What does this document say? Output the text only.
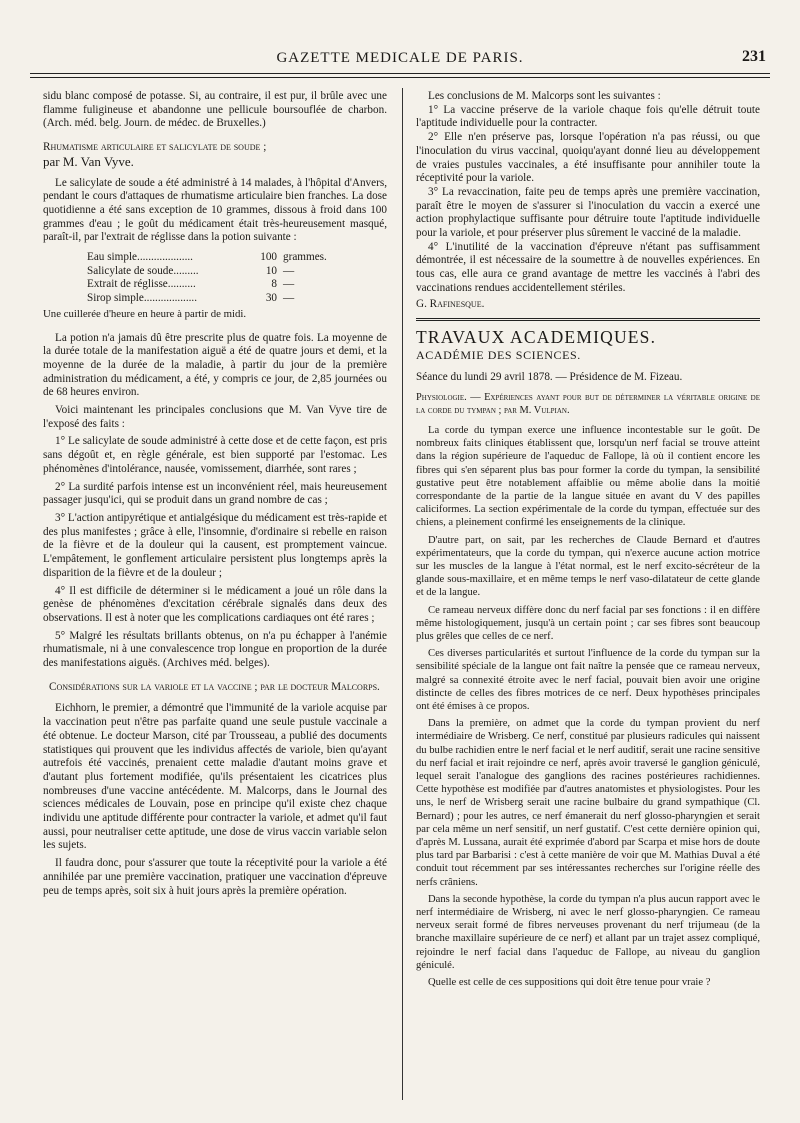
GAZETTE MEDICALE DE PARIS.	231

sidu blanc composé de potasse. Si, au contraire, il est pur, il brûle avec une flamme fuligineuse et abandonne une pellicule boursouflée de charbon. (Arch. méd. belg. Journ. de médec. de Bruxelles.)

Rhumatisme articulaire et salicylate de soude ;

par M. Van Vyve.

Le salicylate de soude a été administré à 14 malades, à l'hôpital d'Anvers, pendant le cours d'attaques de rhumatisme articulaire bien franches. La dose quotidienne a été sans exception de 10 grammes, dissous à froid dans 100 grammes d'eau ; le goût du médicament était très-heureusement masqué, paraît-il, par l'extrait de réglisse dans la potion suivante :

Eau simple....................	100 grammes.
Salicylate de soude.........	10 —
Extrait de réglisse..........	8 —
Sirop simple...................	30 —

Une cuillerée d'heure en heure à partir de midi.

La potion n'a jamais dû être prescrite plus de quatre fois. La moyenne de la durée totale de la manifestation aiguë a été de quatre jours et demi, et la moyenne de la durée de la maladie, à partir du jour de la première administration du médicament, a été, y compris ce jour, de 2,85 journées ou de 68 heures environ.

Voici maintenant les principales conclusions que M. Van Vyve tire de l'exposé des faits :

1° Le salicylate de soude administré à cette dose et de cette façon, est pris sans dégoût et, en règle générale, est bien supporté par l'estomac. Les phénomènes d'intolérance, nausée, vomissement, diarrhée, sont rares ;

2° La surdité parfois intense est un inconvénient réel, mais heureusement passager jusqu'ici, qui se produit dans un grand nombre de cas ;

3° L'action antipyrétique et antialgésique du médicament est très-rapide et des plus manifestes ; grâce à elle, l'insomnie, d'ordinaire si rebelle en raison de la fièvre et de la douleur qui la causent, est promptement vaincue. L'empâtement, le gonflement articulaire persistent plus longtemps après la disparition de la fièvre et de la douleur ;

4° Il est difficile de déterminer si le médicament a joué un rôle dans la genèse de phénomènes d'excitation cérébrale signalés dans deux des observations. Il est à noter que les complications cardiaques ont été rares ;

5° Malgré les résultats brillants obtenus, on n'a pu échapper à l'anémie rhumatismale, ni à une convalescence trop longue en proportion de la durée des manifestations aiguës. (Archives méd. belges).

Considérations sur la variole et la vaccine ; par le docteur Malcorps.

Eichhorn, le premier, a démontré que l'immunité de la variole acquise par la vaccination peut n'être pas parfaite quand une seule pustule vaccinale a été obtenue. Le docteur Marson, cité par Trousseau, a publié des documents statistiques qui prouvent que les individus affectés de variole, bien qu'ayant autrefois été vaccinés, prenaient cette maladie d'autant moins grave et d'autant plus fortement modifiée, qu'ils présentaient les cicatrices plus nombreuses d'une vaccine antécédente. M. Malcorps, dans le Journal des sciences médicales de Louvain, pose en principe qu'il existe chez chaque individu une aptitude différente pour contracter la variole, et admet qu'il faut aussi, pour neutraliser cette aptitude, une dose de virus vaccin variable selon les sujets.

Il faudra donc, pour s'assurer que toute la réceptivité pour la variole a été annihilée par une première vaccination, pratiquer une vaccination d'épreuve peu de temps après, soit six à huit jours après la première opération.

Les conclusions de M. Malcorps sont les suivantes :

1° La vaccine préserve de la variole chaque fois qu'elle détruit toute l'aptitude individuelle pour la contracter.

2° Elle n'en préserve pas, lorsque l'opération n'a pas réussi, ou que l'inoculation du virus vaccinal, quoiqu'ayant donné lieu au développement de vraies pustules vaccinales, a été insuffisante pour annihiler toute la réceptivité pour la variole.

3° La revaccination, faite peu de temps après une première vaccination, paraît être le moyen de s'assurer si l'inoculation du vaccin a exercé une action prophylactique suffisante pour détruire toute l'aptitude individuelle pour la variole, et pour préserver plus sûrement le vacciné de la maladie.

4° L'inutilité de la vaccination d'épreuve n'étant pas suffisamment démontrée, il est nécessaire de la soumettre à de nouvelles expériences. En tous cas, elle aura ce grand avantage de mettre les vaccinés à l'abri des vaccinations rendues accidentellement stériles.

G. Rafinesque.

TRAVAUX ACADEMIQUES.

ACADÉMIE DES SCIENCES.

Séance du lundi 29 avril 1878. — Présidence de M. Fizeau.

Physiologie. — Expériences ayant pour but de déterminer la véritable origine de la corde du tympan ; par M. Vulpian.

La corde du tympan exerce une influence incontestable sur le goût. De nombreux faits cliniques établissent que, lorsqu'un nerf facial se trouve atteint dans la région supérieure de l'aqueduc de Fallope, là où il contient encore les fibres qui s'en séparent plus bas pour former la corde du tympan, la sensibilité gustative peut être notablement affaiblie ou même abolie dans la moitié correspondante de la partie de la langue située en avant du V des papilles caliciformes. La section expérimentale de la corde du tympan, effectuée sur des chiens, a pleinement confirmé les enseignements de la clinique.

D'autre part, on sait, par les recherches de Claude Bernard et d'autres expérimentateurs, que la corde du tympan, qui n'exerce aucune action motrice sur les muscles de la langue à l'état normal, est le nerf excito-sécréteur de la glande sous-maxillaire, et en même temps le nerf vaso-dilatateur de cette glande et de la langue.

Ce rameau nerveux diffère donc du nerf facial par ses fonctions : il en diffère même histologiquement, jusqu'à un certain point ; car ses fibres sont beaucoup plus grêles que celles de ce nerf.

Ces diverses particularités et surtout l'influence de la corde du tympan sur la sensibilité spéciale de la langue ont fait naître la pensée que ce rameau nerveux, malgré sa connexité étroite avec le nerf facial, pouvait bien avoir une origine distincte de celles des fibres motrices de ce nerf. Deux hypothèses principales ont été émises à ce propos.

Dans la première, on admet que la corde du tympan provient du nerf intermédiaire de Wrisberg. Ce nerf, constitué par plusieurs radicules qui naissent du bulbe rachidien entre le nerf facial et le nerf auditif, serait une racine sensitive du nerf facial et irait rejoindre ce nerf, après avoir traversé le ganglion géniculé, lequel serait l'analogue des ganglions des racines postérieures rachidiennes. Cette hypothèse est modifiée par d'autres anatomistes et physiologistes. Pour les uns, le nerf de Wrisberg serait une racine bulbaire du grand sympathique (Cl. Bernard) ; pour les autres, ce nerf émanerait du nerf glosso-pharyngien et serait par cela même un nerf sensitif, un nerf gustatif. C'est cette dernière opinion qui, d'après M. Lussana, aurait été exprimée d'abord par Scarpa et mise hors de doute plus tard par Barbarisi : c'est à cette manière de voir que M. Mathias Duval a été conduit tout récemment par ses intéressantes recherches sur l'origine réelle des nerfs crâniens.

Dans la seconde hypothèse, la corde du tympan n'a plus aucun rapport avec le nerf intermédiaire de Wrisberg, ni avec le nerf glosso-pharyngien. Ce rameau nerveux serait formé de fibres nerveuses provenant du nerf trijumeau (de la branche maxillaire supérieure de ce nerf) et allant par un trajet assez compliqué, rejoindre le nerf facial dans l'aqueduc de Fallope, au niveau du ganglion géniculé.

Quelle est celle de ces suppositions qui doit être tenue pour vraie ?
